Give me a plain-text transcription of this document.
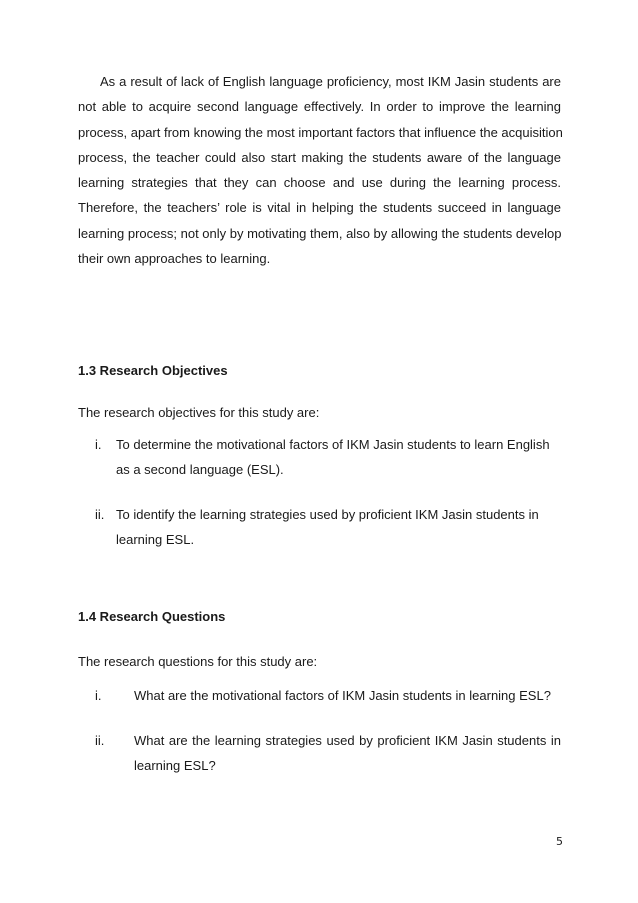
As a result of lack of English language proficiency, most IKM Jasin students are
not able to acquire second language effectively. In order to improve the learning
process, apart from knowing the most important factors that influence the acquisition
process, the teacher could also start making the students aware of the language
learning strategies that they can choose and use during the learning process.
Therefore, the teachers’ role is vital in helping the students succeed in language
learning process; not only by motivating them, also by allowing the students develop
their own approaches to learning.

1.3 Research Objectives

The research objectives for this study are:

i. To determine the motivational factors of IKM Jasin students to learn English
as a second language (ESL).
ii. To identify the learning strategies used by proficient IKM Jasin students in
learning ESL.

1.4 Research Questions

The research questions for this study are:

i.	What are the motivational factors of IKM Jasin students in learning ESL?
ii. What are the learning strategies used by proficient IKM Jasin students in
learning ESL?
5
